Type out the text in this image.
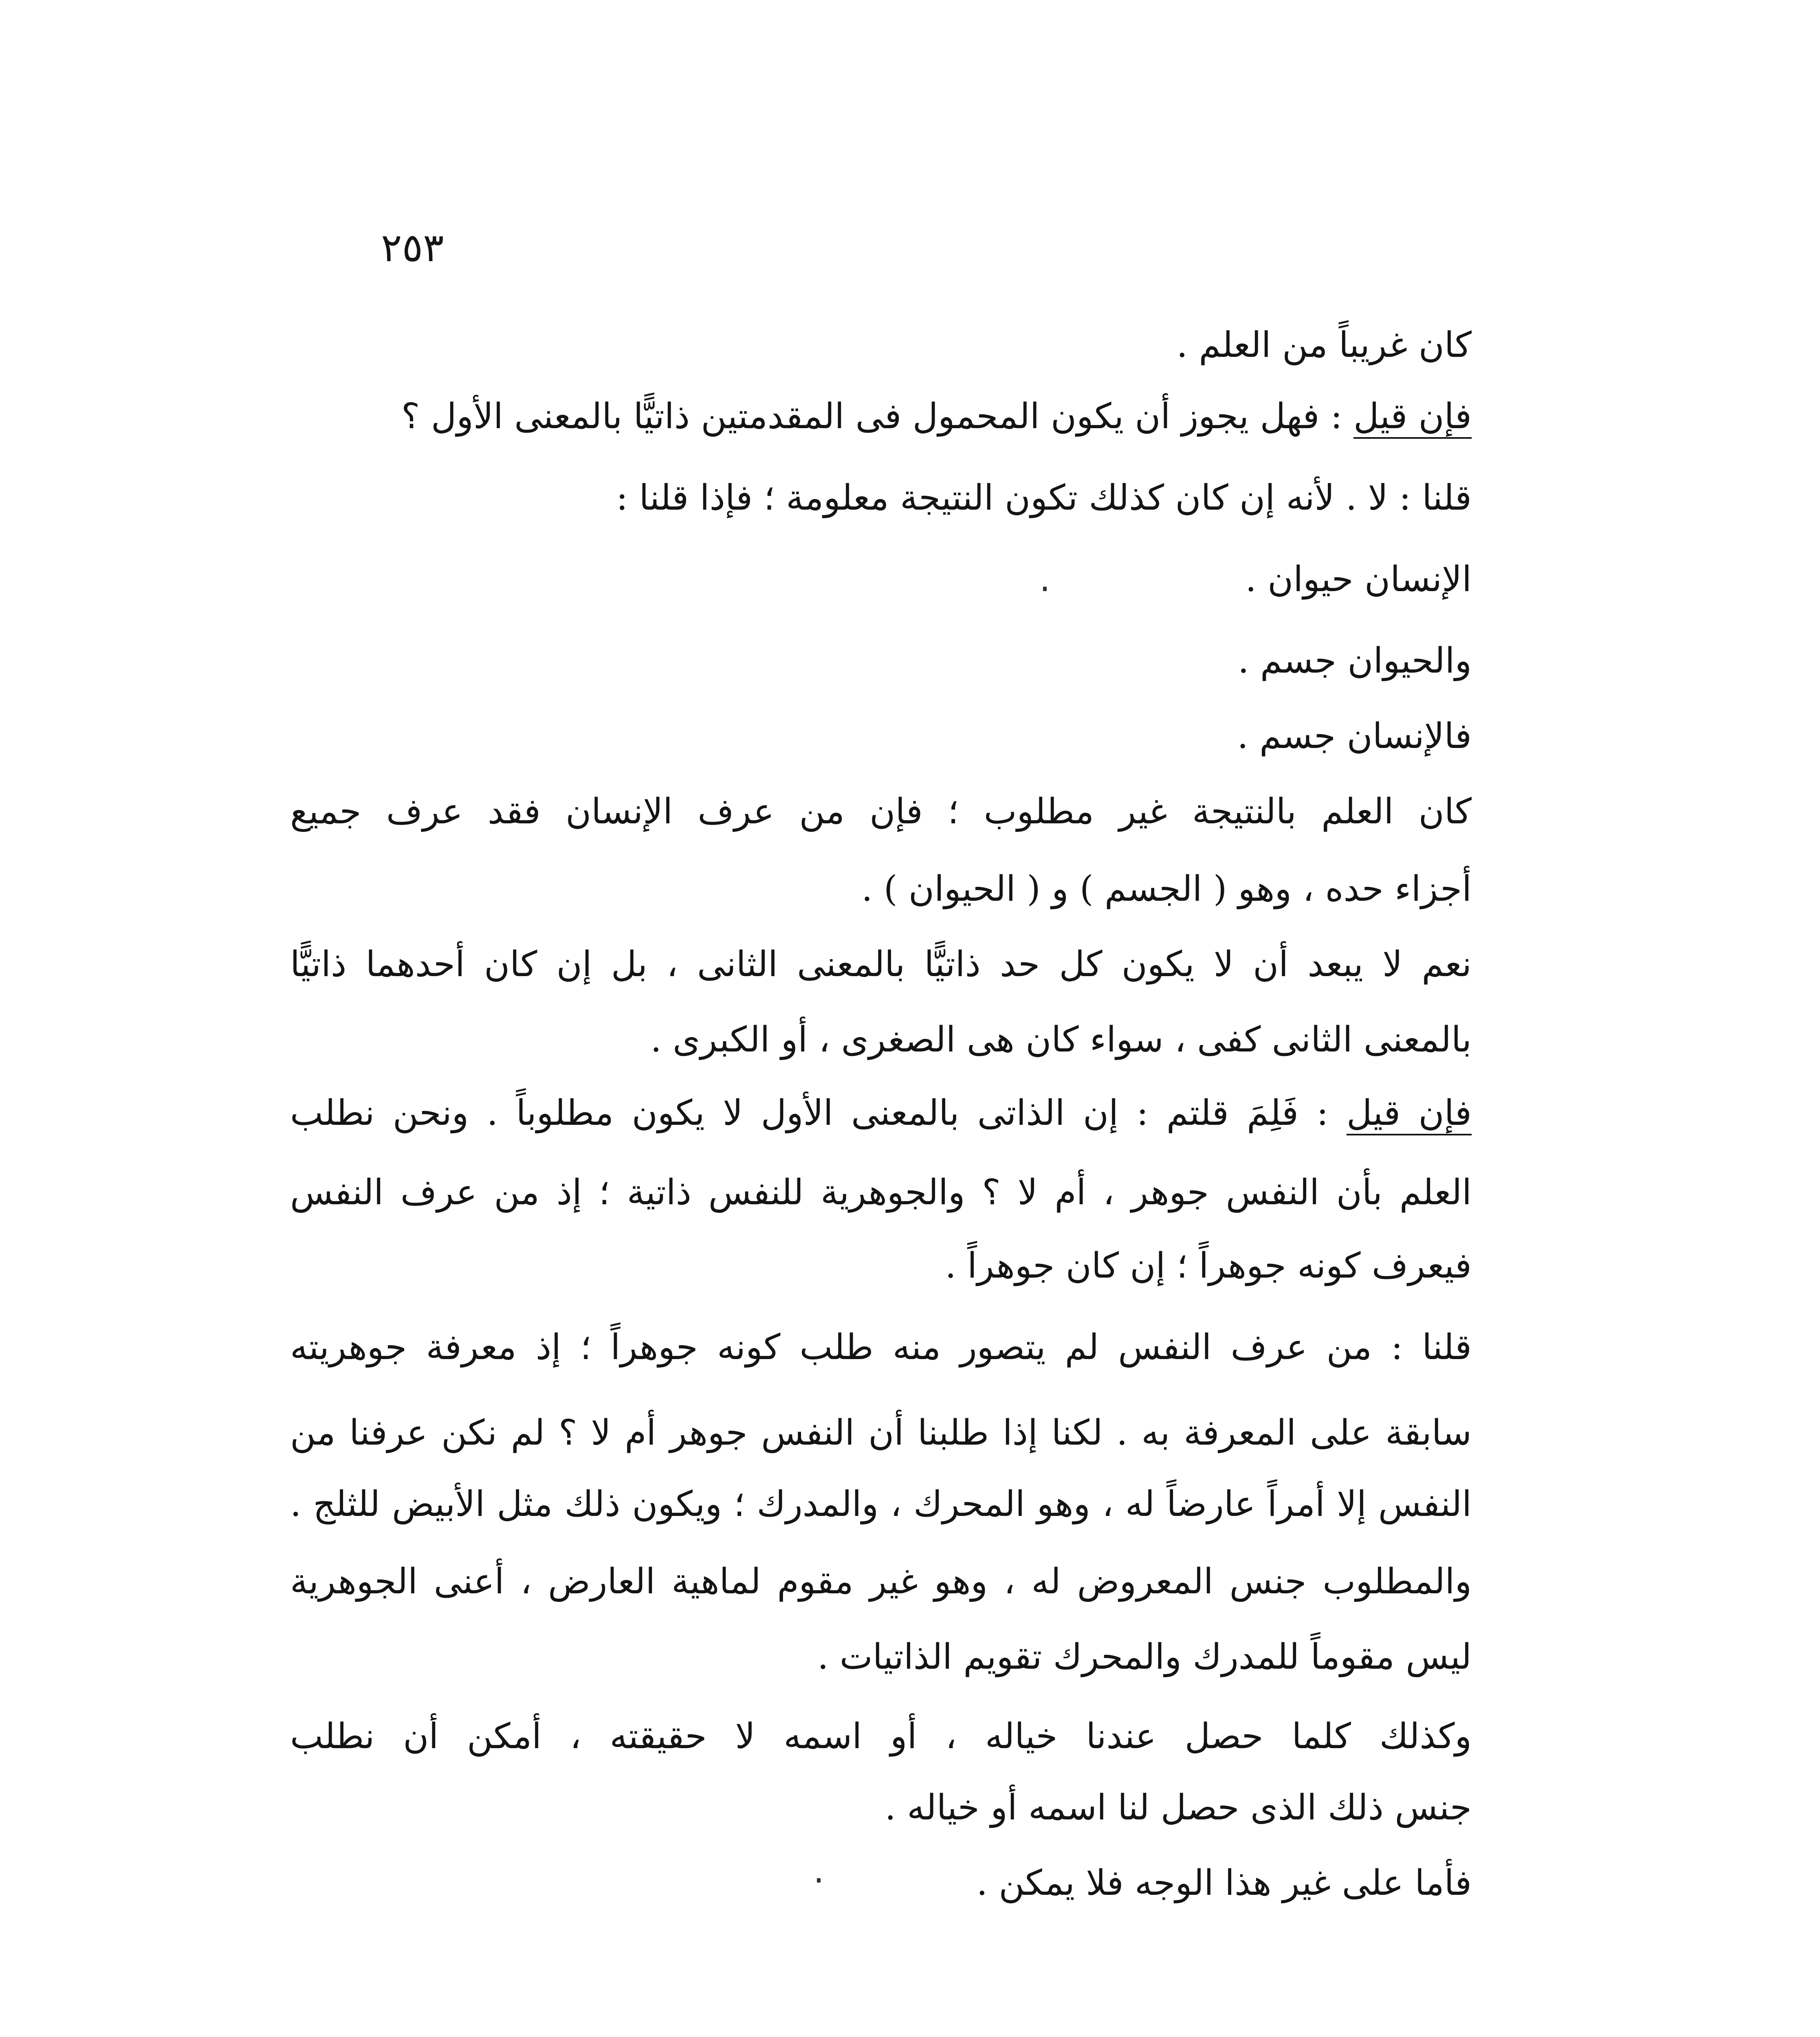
٢٥٣
كان غريباً من العلم .
فإن قيل : فهل يجوز أن يكون المحمول فى المقدمتين ذاتيًّا بالمعنى الأول ؟
قلنا : لا . لأنه إن كان كذلك تكون النتيجة معلومة ؛ فإذا قلنا :
الإنسان حيوان .
والحيوان جسم .
فالإنسان جسم .
كان العلم بالنتيجة غير مطلوب ؛ فإن من عرف الإنسان فقد عرف جميع
أجزاء حده ، وهو ( الجسم ) و ( الحيوان ) .
نعم لا يبعد أن لا يكون كل حد ذاتيًّا بالمعنى الثانى ، بل إن كان أحدهما ذاتيًّا
بالمعنى الثانى كفى ، سواء كان هى الصغرى ، أو الكبرى .
فإن قيل : فَلِمَ قلتم : إن الذاتى بالمعنى الأول لا يكون مطلوباً . ونحن نطلب
العلم بأن النفس جوهر ، أم لا ؟ والجوهرية للنفس ذاتية ؛ إذ من عرف النفس
فيعرف كونه جوهراً ؛ إن كان جوهراً .
قلنا : من عرف النفس لم يتصور منه طلب كونه جوهراً ؛ إذ معرفة جوهريته
سابقة على المعرفة به . لكنا إذا طلبنا أن النفس جوهر أم لا ؟ لم نكن عرفنا من
النفس إلا أمراً عارضاً له ، وهو المحرك ، والمدرك ؛ ويكون ذلك مثل الأبيض للثلج .
والمطلوب جنس المعروض له ، وهو غير مقوم لماهية العارض ، أعنى الجوهرية
ليس مقوماً للمدرك والمحرك تقويم الذاتيات .
وكذلك كلما حصل عندنا خياله ، أو اسمه لا حقيقته ، أمكن أن نطلب
جنس ذلك الذى حصل لنا اسمه أو خياله .
فأما على غير هذا الوجه فلا يمكن .
